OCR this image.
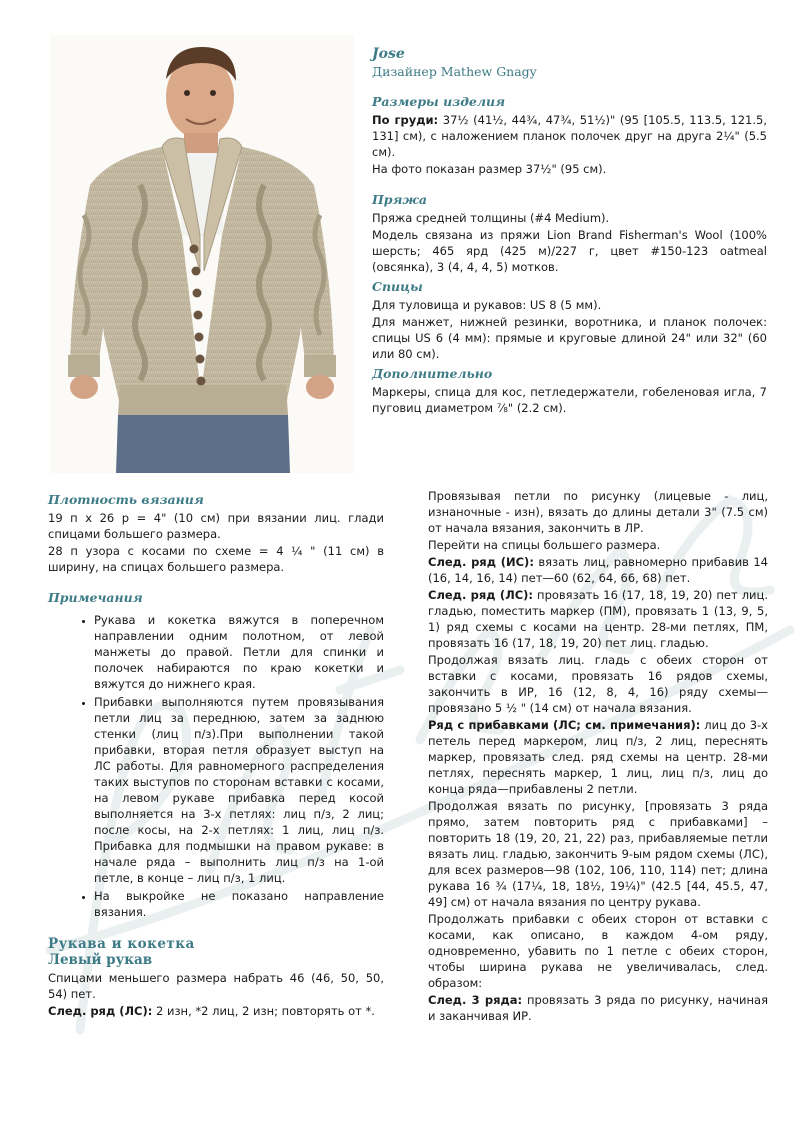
Jose
Дизайнер Mathew Gnagy
Размеры изделия

По груди: 37½ (41½, 44¾, 47¾, 51½)" (95 [105.5, 113.5, 121.5, 131] см), с наложением планок полочек друг на друга 2¼" (5.5 см).

На фото показан размер 37½" (95 см).

Пряжа

Пряжа средней толщины (#4 Medium).

Модель связана из пряжи Lion Brand Fisherman's Wool (100% шерсть; 465 ярд (425 м)/227 г, цвет #150-123 oatmeal (овсянка), 3 (4, 4, 4, 5) мотков.

Спицы

Для туловища и рукавов: US 8 (5 мм).

Для манжет, нижней резинки, воротника, и планок полочек: спицы US 6 (4 мм): прямые и круговые длиной 24" или 32" (60 или 80 см).

Дополнительно

Маркеры, спица для кос, петледержатели, гобеленовая игла, 7 пуговиц диаметром ⅞" (2.2 см).

Плотность вязания

19 п х 26 р = 4" (10 см) при вязании лиц. глади спицами большего размера.

28 п узора с косами по схеме = 4 ¼ " (11 см) в ширину, на спицах большего размера.

Примечания
• Рукава и кокетка вяжутся в поперечном направлении одним полотном, от левой манжеты до правой. Петли для спинки и полочек набираются по краю кокетки и вяжутся до нижнего края.
• Прибавки выполняются путем провязывания петли лиц за переднюю, затем за заднюю стенки (лиц п/з).При выполнении такой прибавки, вторая петля образует выступ на ЛС работы. Для равномерного распределения таких выступов по сторонам вставки с косами, на левом рукаве прибавка перед косой выполняется на 3-х петлях: лиц п/з, 2 лиц; после косы, на 2-х петлях: 1 лиц, лиц п/з. Прибавка для подмышки на правом рукаве: в начале ряда – выполнить лиц п/з на 1-ой петле, в конце – лиц п/з, 1 лиц.
• На выкройке не показано направление вязания.
Рукава и кокетка
Левый рукав

Спицами меньшего размера набрать 46 (46, 50, 50, 54) пет.

След. ряд (ЛС): 2 изн, *2 лиц, 2 изн; повторять от *.

Провязывая петли по рисунку (лицевые - лиц, изнаночные - изн), вязать до длины детали 3" (7.5 см) от начала вязания, закончить в ЛР.

Перейти на спицы большего размера.

След. ряд (ИС): вязать лиц, равномерно прибавив 14 (16, 14, 16, 14) пет—60 (62, 64, 66, 68) пет.

След. ряд (ЛС): провязать 16 (17, 18, 19, 20) пет лиц. гладью, поместить маркер (ПМ), провязать 1 (13, 9, 5, 1) ряд схемы с косами на центр. 28-ми петлях, ПМ, провязать 16 (17, 18, 19, 20) пет лиц. гладью.

Продолжая вязать лиц. гладь с обеих сторон от вставки с косами, провязать 16 рядов схемы, закончить в ИР, 16 (12, 8, 4, 16) ряду схемы—провязано 5 ½ " (14 см) от начала вязания.

Ряд с прибавками (ЛС; см. примечания): лиц до 3-х петель перед маркером, лиц п/з, 2 лиц, переснять маркер, провязать след. ряд схемы на центр. 28-ми петлях, переснять маркер, 1 лиц, лиц п/з, лиц до конца ряда—прибавлены 2 петли.

Продолжая вязать по рисунку, [провязать 3 ряда прямо, затем повторить ряд с прибавками] – повторить 18 (19, 20, 21, 22) раз, прибавляемые петли вязать лиц. гладью, закончить 9-ым рядом схемы (ЛС), для всех размеров—98 (102, 106, 110, 114) пет; длина рукава 16 ¾ (17¼, 18, 18½, 19¼)" (42.5 [44, 45.5, 47, 49] см) от начала вязания по центру рукава.

Продолжать прибавки с обеих сторон от вставки с косами, как описано, в каждом 4-ом ряду, одновременно, убавить по 1 петле с обеих сторон, чтобы ширина рукава не увеличивалась, след. образом:

След. 3 ряда: провязать 3 ряда по рисунку, начиная и заканчивая ИР.
